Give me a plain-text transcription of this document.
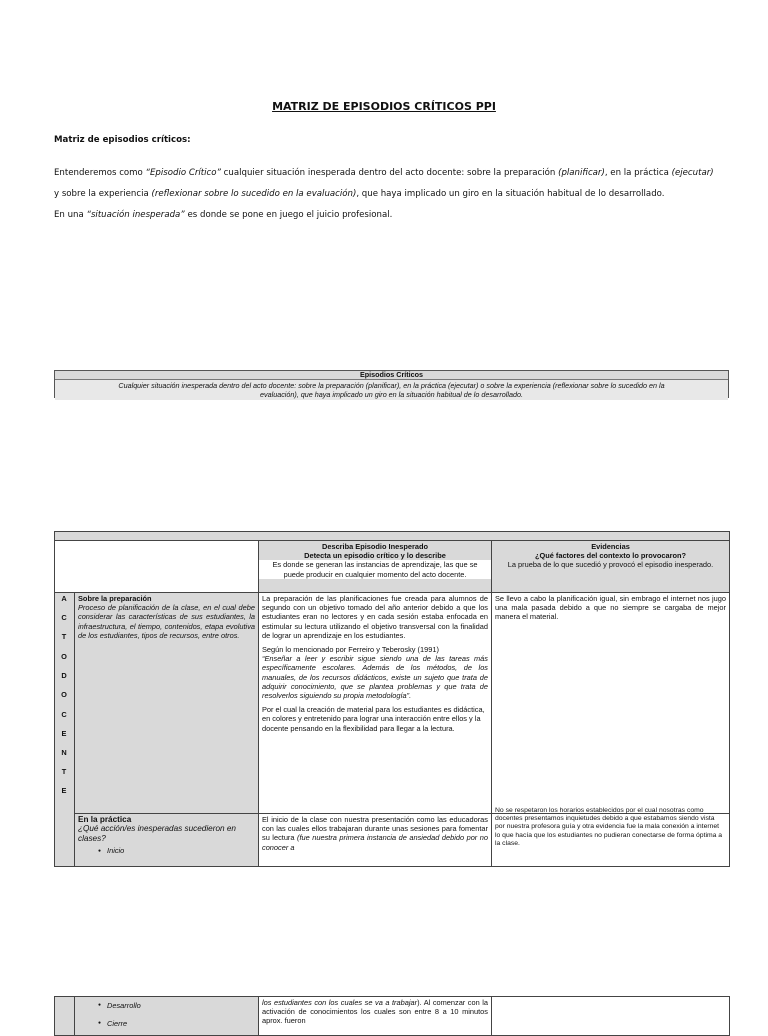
MATRIZ DE EPISODIOS CRÍTICOS PPI
Matriz de episodios críticos:
Entenderemos como “Episodio Crítico” cualquier situación inesperada dentro del acto docente: sobre la preparación (planificar), en la práctica (ejecutar) y sobre la experiencia (reflexionar sobre lo sucedido en la evaluación), que haya implicado un giro en la situación habitual de lo desarrollado.
En una “situación inesperada” es donde se pone en juego el juicio profesional.
Episodios Críticos
Cualquier situación inesperada dentro del acto docente: sobre la preparación (planificar), en la práctica (ejecutar) o sobre la experiencia (reflexionar sobre lo sucedido en la
evaluación), que haya implicado un giro en la situación habitual de lo desarrollado.
Describa Episodio Inesperado
Detecta un episodio crítico y lo describe
Es donde se generan las instancias de aprendizaje, las que se puede producir en cualquier momento del acto docente.
Evidencias
¿Qué factores del contexto lo provocaron?
La prueba de lo que sucedió y provocó el episodio inesperado.
A
C
T
O
D
O
C
E
N
T
E
Sobre la preparación
Proceso de planificación de la clase, en el cual debe considerar las características de sus estudiantes, la infraestructura, el tiempo, contenidos, etapa evolutiva de los estudiantes, tipos de recursos, entre otros.
La preparación de las planificaciones fue creada para alumnos de segundo con un objetivo tomado del año anterior debido a que los estudiantes eran no lectores y en cada sesión estaba enfocada en estimular su lectura utilizando el objetivo transversal con la finalidad de lograr un aprendizaje en los estudiantes.
Según lo mencionado por Ferreiro y Teberosky (1991)
“Enseñar a leer y escribir sigue siendo una de las tareas más específicamente escolares. Además de los métodos, de los manuales, de los recursos didácticos, existe un sujeto que trata de adquirir conocimiento, que se plantea problemas y que trata de resolverlos siguiendo su propia metodología”.
Por el cual la creación de material para los estudiantes es didáctica, en colores y entretenido para lograr una interacción entre ellos y la docente pensando en la flexibilidad para llegar a la lectura.
Se llevo a cabo la planificación igual, sin embrago el internet nos jugo una mala pasada debido a que no siempre se cargaba de mejor manera el material.
En la práctica
¿Qué acción/es inesperadas sucedieron en clases?
● Inicio
El inicio de la clase con nuestra presentación como las educadoras con las cuales ellos trabajaran durante unas sesiones para fomentar su lectura (fue nuestra primera instancia de ansiedad debido por no conocer a
No se respetaron los horarios establecidos por el cual nosotras como docentes presentamos inquietudes debido a que estabamos siendo vista por nuestra profesora guía y otra evidencia fue la mala conexión a internet lo que hacía que los estudiantes no pudieran conectarse de forma óptima a la clase.
● Desarrollo
● Cierre
los estudiantes con los cuales se va a trabajar). Al comenzar con la activación de conocimientos los cuales son entre 8 a 10 minutos aprox. fueron
